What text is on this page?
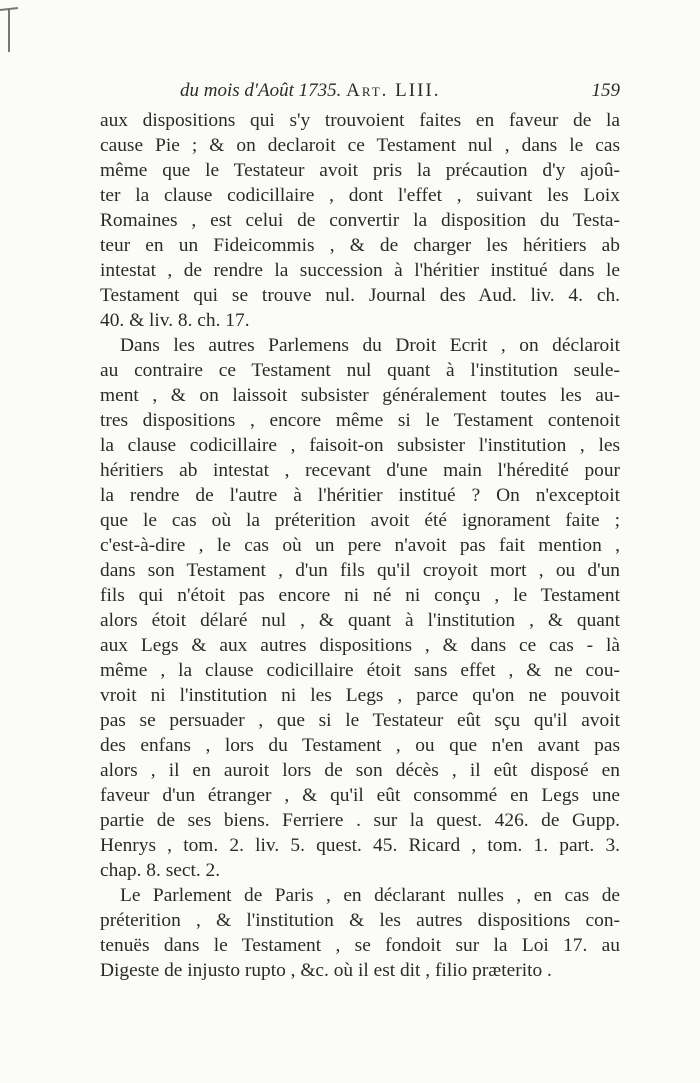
du mois d'Août 1735. Art. LIII.	159

aux dispositions qui s'y trouvoient faites en faveur de la
cause Pie ; & on declaroit ce Testament nul , dans le cas
même que le Testateur avoit pris la précaution d'y ajoû-
ter la clause codicillaire , dont l'effet , suivant les Loix
Romaines , est celui de convertir la disposition du Testa-
teur en un Fideicommis , & de charger les héritiers ab
intestat , de rendre la succession à l'héritier institué dans le
Testament qui se trouve nul. Journal des Aud. liv. 4. ch.
40. & liv. 8. ch. 17.

Dans les autres Parlemens du Droit Ecrit , on déclaroit
au contraire ce Testament nul quant à l'institution seule-
ment , & on laissoit subsister généralement toutes les au-
tres dispositions , encore même si le Testament contenoit
la clause codicillaire , faisoit-on subsister l'institution , les
héritiers ab intestat , recevant d'une main l'héredité pour
la rendre de l'autre à l'héritier institué ? On n'exceptoit
que le cas où la préterition avoit été ignorament faite ;
c'est-à-dire , le cas où un pere n'avoit pas fait mention ,
dans son Testament , d'un fils qu'il croyoit mort , ou d'un
fils qui n'étoit pas encore ni né ni conçu , le Testament
alors étoit délaré nul , & quant à l'institution , & quant
aux Legs & aux autres dispositions , & dans ce cas - là
même , la clause codicillaire étoit sans effet , & ne cou-
vroit ni l'institution ni les Legs , parce qu'on ne pouvoit
pas se persuader , que si le Testateur eût sçu qu'il avoit
des enfans , lors du Testament , ou que n'en avant pas
alors , il en auroit lors de son décès , il eût disposé en
faveur d'un étranger , & qu'il eût consommé en Legs une
partie de ses biens. Ferriere . sur la quest. 426. de Gupp.
Henrys , tom. 2. liv. 5. quest. 45. Ricard , tom. 1. part. 3.
chap. 8. sect. 2.

Le Parlement de Paris , en déclarant nulles , en cas de
préterition , & l'institution & les autres dispositions con-
tenuës dans le Testament , se fondoit sur la Loi 17. au
Digeste de injusto rupto , &c. où il est dit , filio præterito .
